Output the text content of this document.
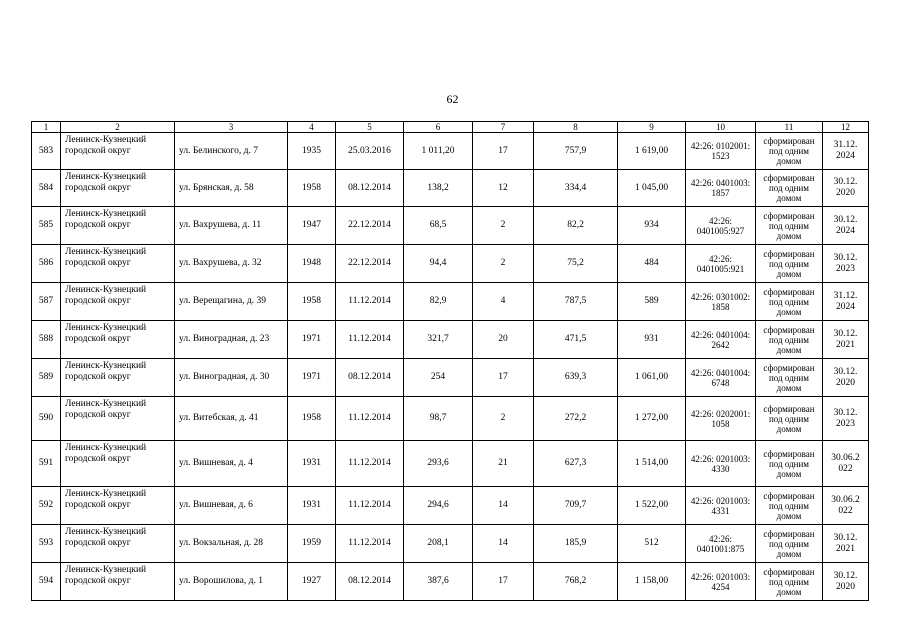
62
1	2	3	4	5	6	7	8	9	10	11	12
583	Ленинск-Кузнецкий городской округ	ул. Белинского, д. 7	1935	25.03.2016	1 011,20	17	757,9	1 619,00	42:26: 0102001: 1523	сформирован под одним домом	31.12. 2024
584	Ленинск-Кузнецкий городской округ	ул. Брянская, д. 58	1958	08.12.2014	138,2	12	334,4	1 045,00	42:26: 0401003: 1857	сформирован под одним домом	30.12. 2020
585	Ленинск-Кузнецкий городской округ	ул. Вахрушева, д. 11	1947	22.12.2014	68,5	2	82,2	934	42:26: 0401005:927	сформирован под одним домом	30.12. 2024
586	Ленинск-Кузнецкий городской округ	ул. Вахрушева, д. 32	1948	22.12.2014	94,4	2	75,2	484	42:26: 0401005:921	сформирован под одним домом	30.12. 2023
587	Ленинск-Кузнецкий городской округ	ул. Верещагина, д. 39	1958	11.12.2014	82,9	4	787,5	589	42:26: 0301002: 1858	сформирован под одним домом	31.12. 2024
588	Ленинск-Кузнецкий городской округ	ул. Виноградная, д. 23	1971	11.12.2014	321,7	20	471,5	931	42:26: 0401004: 2642	сформирован под одним домом	30.12. 2021
589	Ленинск-Кузнецкий городской округ	ул. Виноградная, д. 30	1971	08.12.2014	254	17	639,3	1 061,00	42:26: 0401004: 6748	сформирован под одним домом	30.12. 2020
590	Ленинск-Кузнецкий городской округ	ул. Витебская, д. 41	1958	11.12.2014	98,7	2	272,2	1 272,00	42:26: 0202001: 1058	сформирован под одним домом	30.12. 2023
591	Ленинск-Кузнецкий городской округ	ул. Вишневая, д. 4	1931	11.12.2014	293,6	21	627,3	1 514,00	42:26: 0201003: 4330	сформирован под одним домом	30.06.2 022
592	Ленинск-Кузнецкий городской округ	ул. Вишневая, д. 6	1931	11.12.2014	294,6	14	709,7	1 522,00	42:26: 0201003: 4331	сформирован под одним домом	30.06.2 022
593	Ленинск-Кузнецкий городской округ	ул. Вокзальная, д. 28	1959	11.12.2014	208,1	14	185,9	512	42:26: 0401001:875	сформирован под одним домом	30.12. 2021
594	Ленинск-Кузнецкий городской округ	ул. Ворошилова, д. 1	1927	08.12.2014	387,6	17	768,2	1 158,00	42:26: 0201003: 4254	сформирован под одним домом	30.12. 2020
